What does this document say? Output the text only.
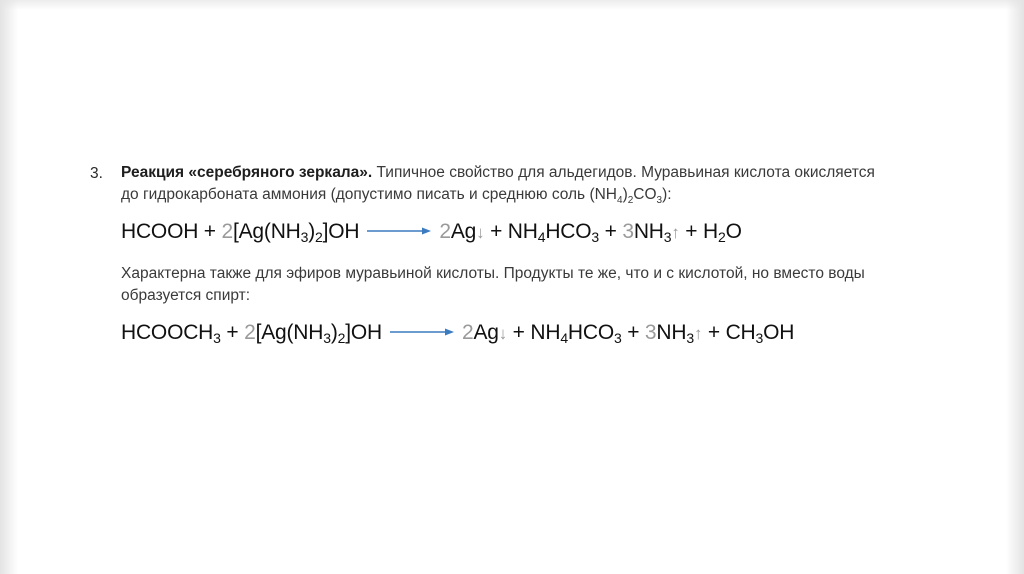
3. Реакция «серебряного зеркала». Типичное свойство для альдегидов. Муравьиная кислота окисляется до гидрокарбоната аммония (допустимо писать и среднюю соль $(NH_4)_2CO_3$):

HCOOH + $2[Ag(NH_3)_2]OH$ → 2Ag↓ + $NH_4HCO_3$ + $3NH_3↑ + H_2O$

Характерна также для эфиров муравьиной кислоты. Продукты те же, что и с кислотой, но вместо воды образуется спирт:

$HCOOCH_3 + 2[Ag(NH_3)_2]OH$ → 2Ag↓ + $NH_4HCO_3$ + $3NH_3↑ + CH_3OH$
